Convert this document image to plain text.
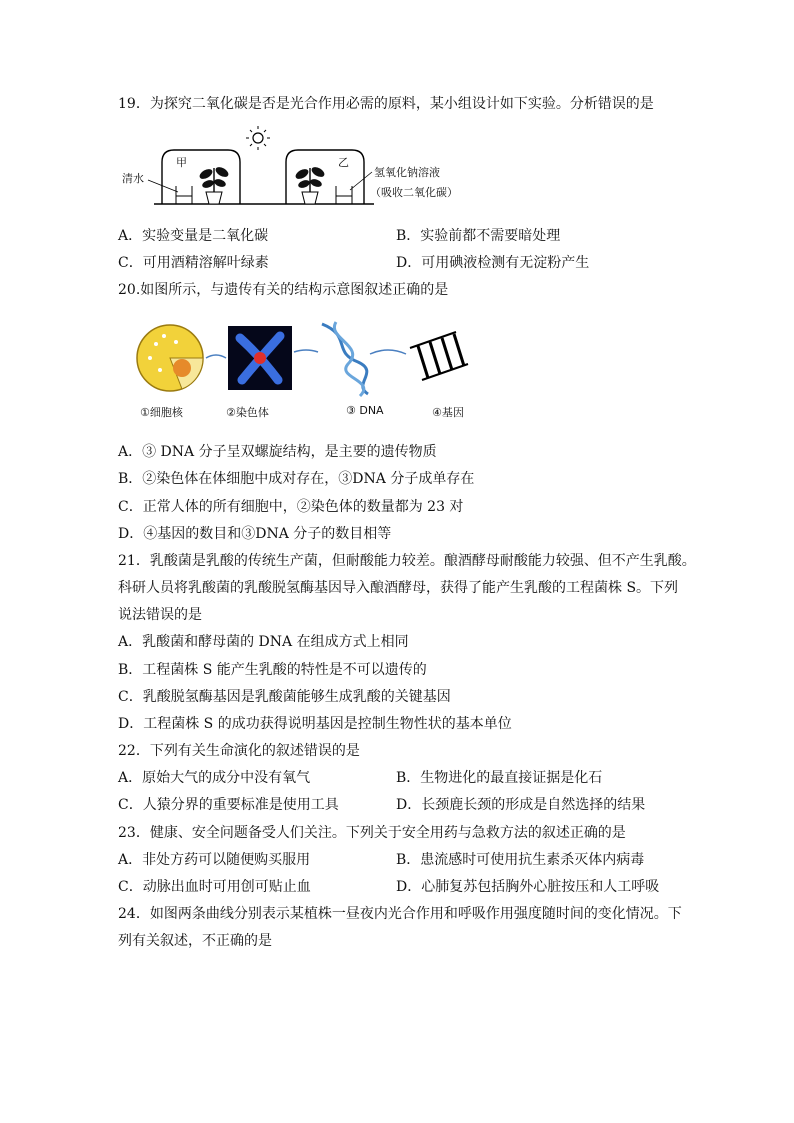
19．为探究二氧化碳是否是光合作用必需的原料，某小组设计如下实验。分析错误的是
清水
甲	乙
氢氧化钠溶液
（吸收二氧化碳）
A．实验变量是二氧化碳	B．实验前都不需要暗处理
C．可用酒精溶解叶绿素	D．可用碘液检测有无淀粉产生
20.如图所示，与遗传有关的结构示意图叙述正确的是
①细胞核	②染色体	③ DNA	④基因
A．③ DNA 分子呈双螺旋结构，是主要的遗传物质
B．②染色体在体细胞中成对存在，③DNA 分子成单存在
C．正常人体的所有细胞中，②染色体的数量都为 23 对
D．④基因的数目和③DNA 分子的数目相等
21．乳酸菌是乳酸的传统生产菌，但耐酸能力较差。酿酒酵母耐酸能力较强、但不产生乳酸。
科研人员将乳酸菌的乳酸脱氢酶基因导入酿酒酵母，获得了能产生乳酸的工程菌株 S。下列
说法错误的是
A．乳酸菌和酵母菌的 DNA 在组成方式上相同
B．工程菌株 S 能产生乳酸的特性是不可以遗传的
C．乳酸脱氢酶基因是乳酸菌能够生成乳酸的关键基因
D．工程菌株 S 的成功获得说明基因是控制生物性状的基本单位
22．下列有关生命演化的叙述错误的是
A．原始大气的成分中没有氧气	B．生物进化的最直接证据是化石
C．人猿分界的重要标准是使用工具	D．长颈鹿长颈的形成是自然选择的结果
23．健康、安全问题备受人们关注。下列关于安全用药与急救方法的叙述正确的是
A．非处方药可以随便购买服用	B．患流感时可使用抗生素杀灭体内病毒
C．动脉出血时可用创可贴止血	D．心肺复苏包括胸外心脏按压和人工呼吸
24．如图两条曲线分别表示某植株一昼夜内光合作用和呼吸作用强度随时间的变化情况。下
列有关叙述，不正确的是
